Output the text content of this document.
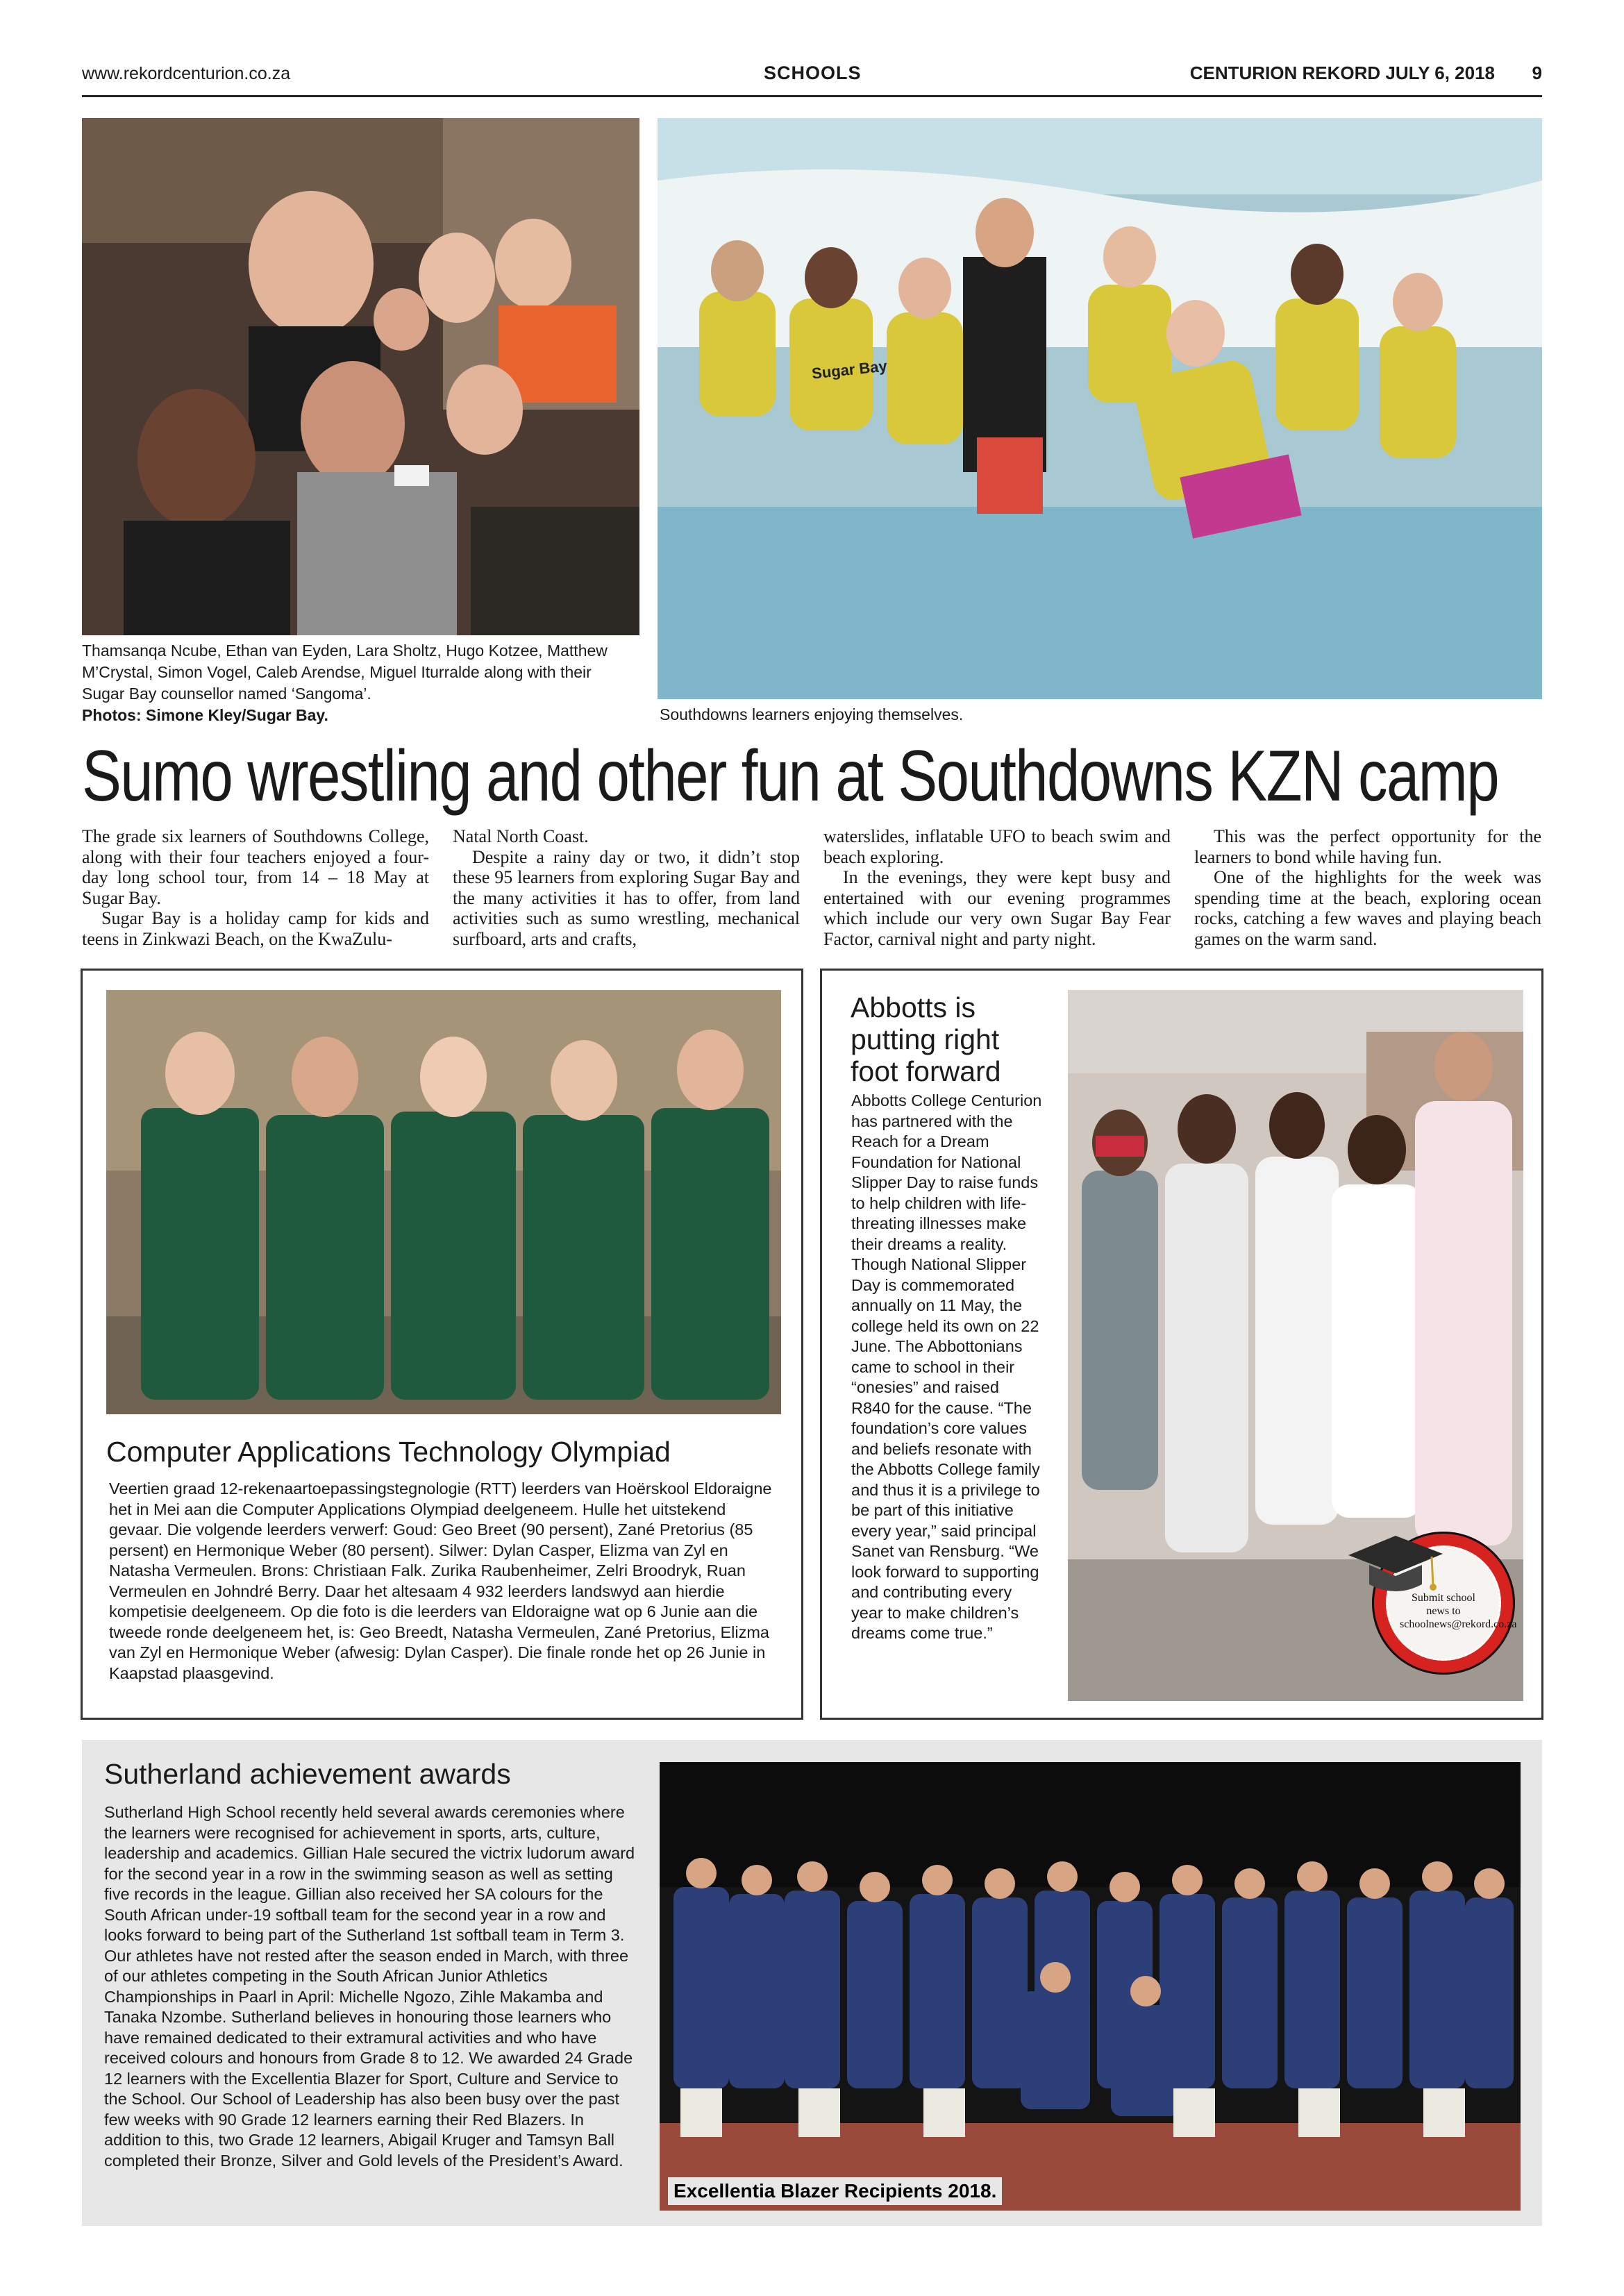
www.rekordcenturion.co.za	SCHOOLS	CENTURION REKORD JULY 6, 2018 9
Thamsanqa Ncube, Ethan van Eyden, Lara Sholtz, Hugo Kotzee, Matthew M’Crystal, Simon Vogel, Caleb Arendse, Miguel Iturralde along with their Sugar Bay counsellor named ‘Sangoma’.
Photos: Simone Kley/Sugar Bay.
Sugar Bay
Southdowns learners enjoying themselves.
Sumo wrestling and other fun at Southdowns KZN camp

The grade six learners of Southdowns College, along with their four teachers enjoyed a four-day long school tour, from 14 – 18 May at Sugar Bay.

Sugar Bay is a holiday camp for kids and teens in Zinkwazi Beach, on the KwaZulu-

Natal North Coast.

Despite a rainy day or two, it didn’t stop these 95 learners from exploring Sugar Bay and the many activities it has to offer, from land activities such as sumo wrestling, mechanical surfboard, arts and crafts,

waterslides, inflatable UFO to beach swim and beach exploring.

In the evenings, they were kept busy and entertained with our evening programmes which include our very own Sugar Bay Fear Factor, carnival night and party night.

This was the perfect opportunity for the learners to bond while having fun.

One of the highlights for the week was spending time at the beach, exploring ocean rocks, catching a few waves and playing beach games on the warm sand.

Computer Applications Technology Olympiad
Veertien graad 12-rekenaartoepassingstegnologie (RTT) leerders van Hoërskool Eldoraigne het in Mei aan die Computer Applications Olympiad deelgeneem. Hulle het uitstekend gevaar. Die volgende leerders verwerf: Goud: Geo Breet (90 persent), Zané Pretorius (85 persent) en Hermonique Weber (80 persent). Silwer: Dylan Casper, Elizma van Zyl en Natasha Vermeulen. Brons: Christiaan Falk. Zurika Raubenheimer, Zelri Broodryk, Ruan Vermeulen en Johndré Berry. Daar het altesaam 4 932 leerders landswyd aan hierdie kompetisie deelgeneem. Op die foto is die leerders van Eldoraigne wat op 6 Junie aan die tweede ronde deelgeneem het, is: Geo Breedt, Natasha Vermeulen, Zané Pretorius, Elizma van Zyl en Hermonique Weber (afwesig: Dylan Casper). Die finale ronde het op 26 Junie in Kaapstad plaasgevind.
Abbotts is putting right foot forward
Abbotts College Centurion has partnered with the Reach for a Dream Foundation for National Slipper Day to raise funds to help children with life-threating illnesses make their dreams a reality. Though National Slipper Day is commemorated annually on 11 May, the college held its own on 22 June. The Abbottonians came to school in their “onesies” and raised R840 for the cause. “The foundation’s core values and beliefs resonate with the Abbotts College family and thus it is a privilege to be part of this initiative every year,” said principal Sanet van Rensburg. “We look forward to supporting and contributing every year to make children’s dreams come true.”
Submit school news to schoolnews@rekord.co.za
Sutherland achievement awards
Sutherland High School recently held several awards ceremonies where the learners were recognised for achievement in sports, arts, culture, leadership and academics. Gillian Hale secured the victrix ludorum award for the second year in a row in the swimming season as well as setting five records in the league. Gillian also received her SA colours for the South African under-19 softball team for the second year in a row and looks forward to being part of the Sutherland 1st softball team in Term 3. Our athletes have not rested after the season ended in March, with three of our athletes competing in the South African Junior Athletics Championships in Paarl in April: Michelle Ngozo, Zihle Makamba and Tanaka Nzombe. Sutherland believes in honouring those learners who have remained dedicated to their extramural activities and who have received colours and honours from Grade 8 to 12. We awarded 24 Grade 12 learners with the Excellentia Blazer for Sport, Culture and Service to the School. Our School of Leadership has also been busy over the past few weeks with 90 Grade 12 learners earning their Red Blazers. In addition to this, two Grade 12 learners, Abigail Kruger and Tamsyn Ball completed their Bronze, Silver and Gold levels of the President’s Award.
Excellentia Blazer Recipients 2018.
